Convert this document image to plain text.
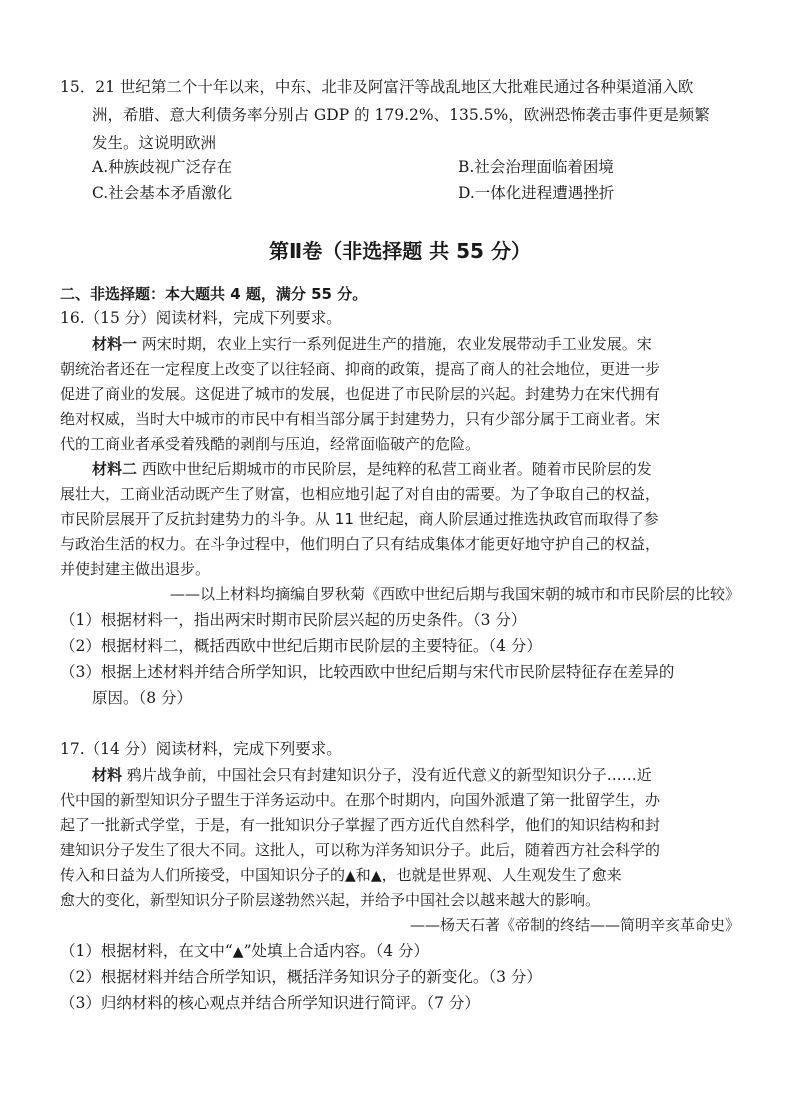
15．21 世纪第二个十年以来，中东、北非及阿富汗等战乱地区大批难民通过各种渠道涌入欧
洲，希腊、意大利债务率分别占 GDP 的 179.2%、135.5%，欧洲恐怖袭击事件更是频繁
发生。这说明欧洲
A.种族歧视广泛存在	B.社会治理面临着困境
C.社会基本矛盾激化	D.一体化进程遭遇挫折
第Ⅱ卷（非选择题 共 55 分）
二、非选择题：本大题共 4 题，满分 55 分。
16.（15 分）阅读材料，完成下列要求。
材料一 两宋时期，农业上实行一系列促进生产的措施，农业发展带动手工业发展。宋
朝统治者还在一定程度上改变了以往轻商、抑商的政策，提高了商人的社会地位，更进一步
促进了商业的发展。这促进了城市的发展，也促进了市民阶层的兴起。封建势力在宋代拥有
绝对权威，当时大中城市的市民中有相当部分属于封建势力，只有少部分属于工商业者。宋
代的工商业者承受着残酷的剥削与压迫，经常面临破产的危险。
材料二 西欧中世纪后期城市的市民阶层，是纯粹的私营工商业者。随着市民阶层的发
展壮大，工商业活动既产生了财富，也相应地引起了对自由的需要。为了争取自己的权益，
市民阶层展开了反抗封建势力的斗争。从 11 世纪起，商人阶层通过推选执政官而取得了参
与政治生活的权力。在斗争过程中，他们明白了只有结成集体才能更好地守护自己的权益，
并使封建主做出退步。
——以上材料均摘编自罗秋菊《西欧中世纪后期与我国宋朝的城市和市民阶层的比较》
（1）根据材料一，指出两宋时期市民阶层兴起的历史条件。（3 分）
（2）根据材料二，概括西欧中世纪后期市民阶层的主要特征。（4 分）
（3）根据上述材料并结合所学知识，比较西欧中世纪后期与宋代市民阶层特征存在差异的
原因。（8 分）
17.（14 分）阅读材料，完成下列要求。
材料 鸦片战争前，中国社会只有封建知识分子，没有近代意义的新型知识分子……近
代中国的新型知识分子盟生于洋务运动中。在那个时期内，向国外派遣了第一批留学生，办
起了一批新式学堂，于是，有一批知识分子掌握了西方近代自然科学，他们的知识结构和封
建知识分子发生了很大不同。这批人，可以称为洋务知识分子。此后，随着西方社会科学的
传入和日益为人们所接受，中国知识分子的▲和▲，也就是世界观、人生观发生了愈来
愈大的变化，新型知识分子阶层遂勃然兴起，并给予中国社会以越来越大的影响。
——杨天石著《帝制的终结——简明辛亥革命史》
（1）根据材料，在文中“▲”处填上合适内容。（4 分）
（2）根据材料并结合所学知识，概括洋务知识分子的新变化。（3 分）
（3）归纳材料的核心观点并结合所学知识进行简评。（7 分）
